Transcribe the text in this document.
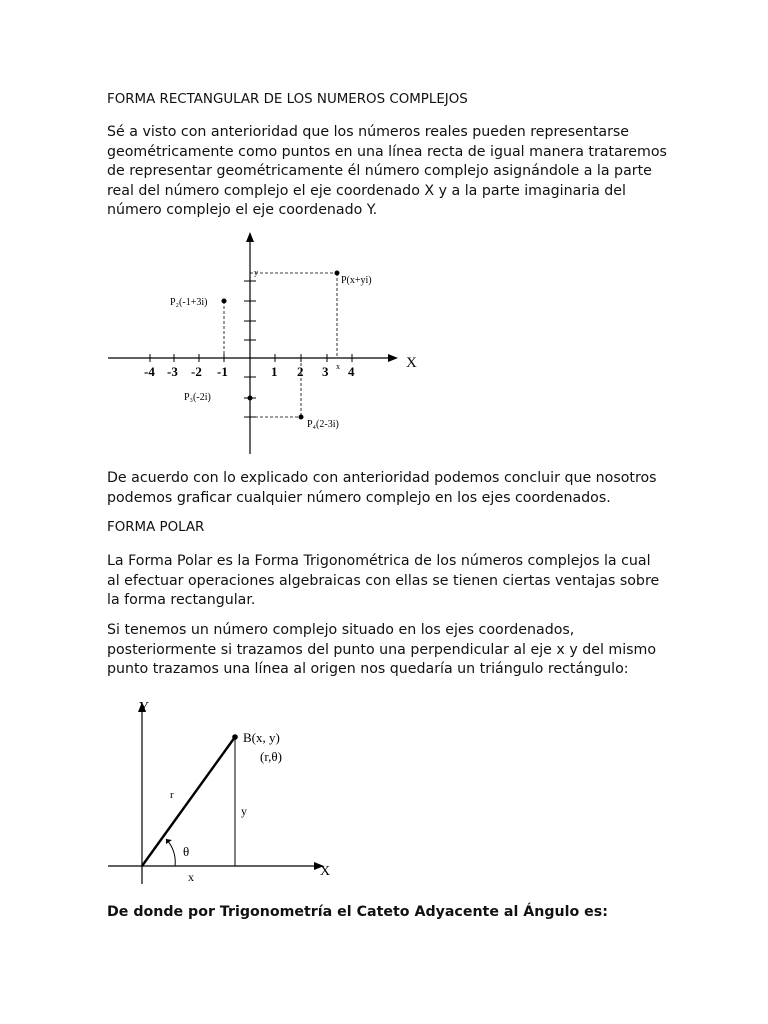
FORMA RECTANGULAR DE LOS NUMEROS COMPLEJOS

Sé a visto con anterioridad que los números reales pueden representarse geométricamente como puntos en una línea recta de igual manera trataremos de representar geométricamente él número complejo asignándole a la parte real del número complejo el eje coordenado X y a la parte imaginaria del número complejo el eje coordenado Y.

X
-4 -3 -2 -1	1 2 3 4
P(x+yi)
y
x
P₂(-1+3i)
P₃(-2i)
P₄(2-3i)

De acuerdo con lo explicado con anterioridad podemos concluir que nosotros podemos graficar cualquier número complejo en los ejes coordenados.

FORMA POLAR

La Forma Polar es la Forma Trigonométrica de los números complejos la cual al efectuar operaciones algebraicas con ellas se tienen ciertas ventajas sobre la forma rectangular.

Si tenemos un número complejo situado en los ejes coordenados, posteriormente si trazamos del punto una perpendicular al eje x y del mismo punto trazamos una línea al origen nos quedaría un triángulo rectángulo:

Y
X
B(x, y)
(r,θ)
r
y
θ
x

De donde por Trigonometría el Cateto Adyacente al Ángulo es:
